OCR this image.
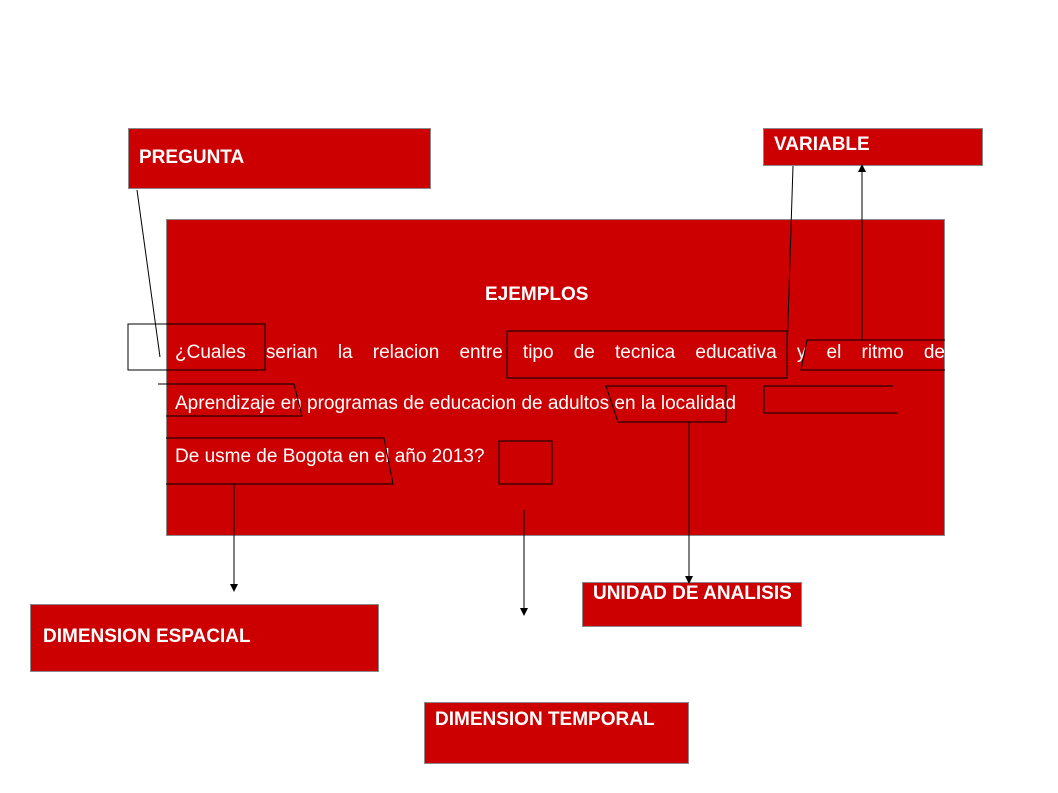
PREGUNTA
VARIABLE
EJEMPLOS
¿Cuales serian la relacion entre tipo de tecnica educativa y el ritmo de
Aprendizaje en programas de educacion de adultos en la localidad
De usme de Bogota en el año 2013?
UNIDAD DE ANALISIS
DIMENSION ESPACIAL
DIMENSION TEMPORAL
